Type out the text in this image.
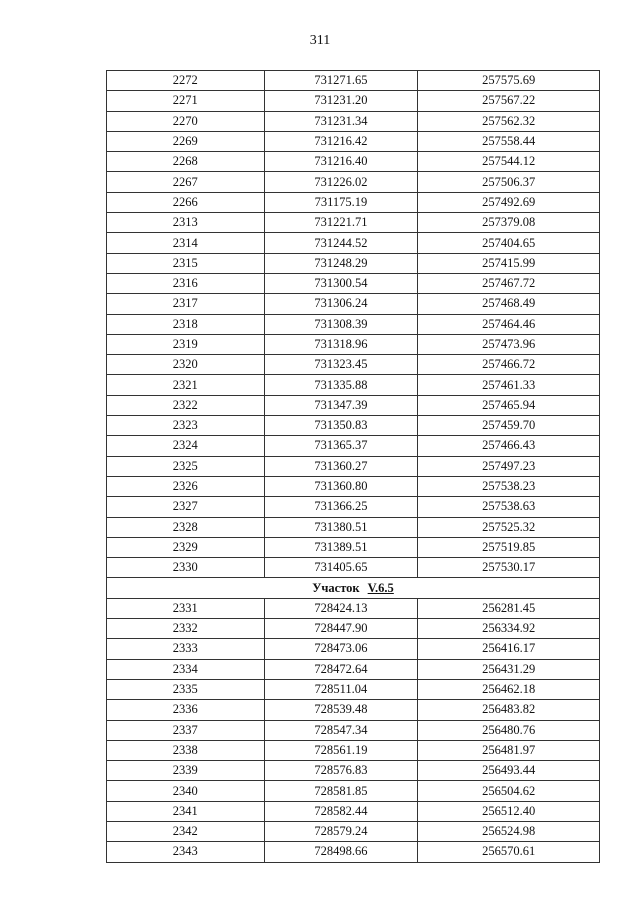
311
2272	731271.65	257575.69
2271	731231.20	257567.22
2270	731231.34	257562.32
2269	731216.42	257558.44
2268	731216.40	257544.12
2267	731226.02	257506.37
2266	731175.19	257492.69
2313	731221.71	257379.08
2314	731244.52	257404.65
2315	731248.29	257415.99
2316	731300.54	257467.72
2317	731306.24	257468.49
2318	731308.39	257464.46
2319	731318.96	257473.96
2320	731323.45	257466.72
2321	731335.88	257461.33
2322	731347.39	257465.94
2323	731350.83	257459.70
2324	731365.37	257466.43
2325	731360.27	257497.23
2326	731360.80	257538.23
2327	731366.25	257538.63
2328	731380.51	257525.32
2329	731389.51	257519.85
2330	731405.65	257530.17
Участок V.6.5		
2331	728424.13	256281.45
2332	728447.90	256334.92
2333	728473.06	256416.17
2334	728472.64	256431.29
2335	728511.04	256462.18
2336	728539.48	256483.82
2337	728547.34	256480.76
2338	728561.19	256481.97
2339	728576.83	256493.44
2340	728581.85	256504.62
2341	728582.44	256512.40
2342	728579.24	256524.98
2343	728498.66	256570.61
